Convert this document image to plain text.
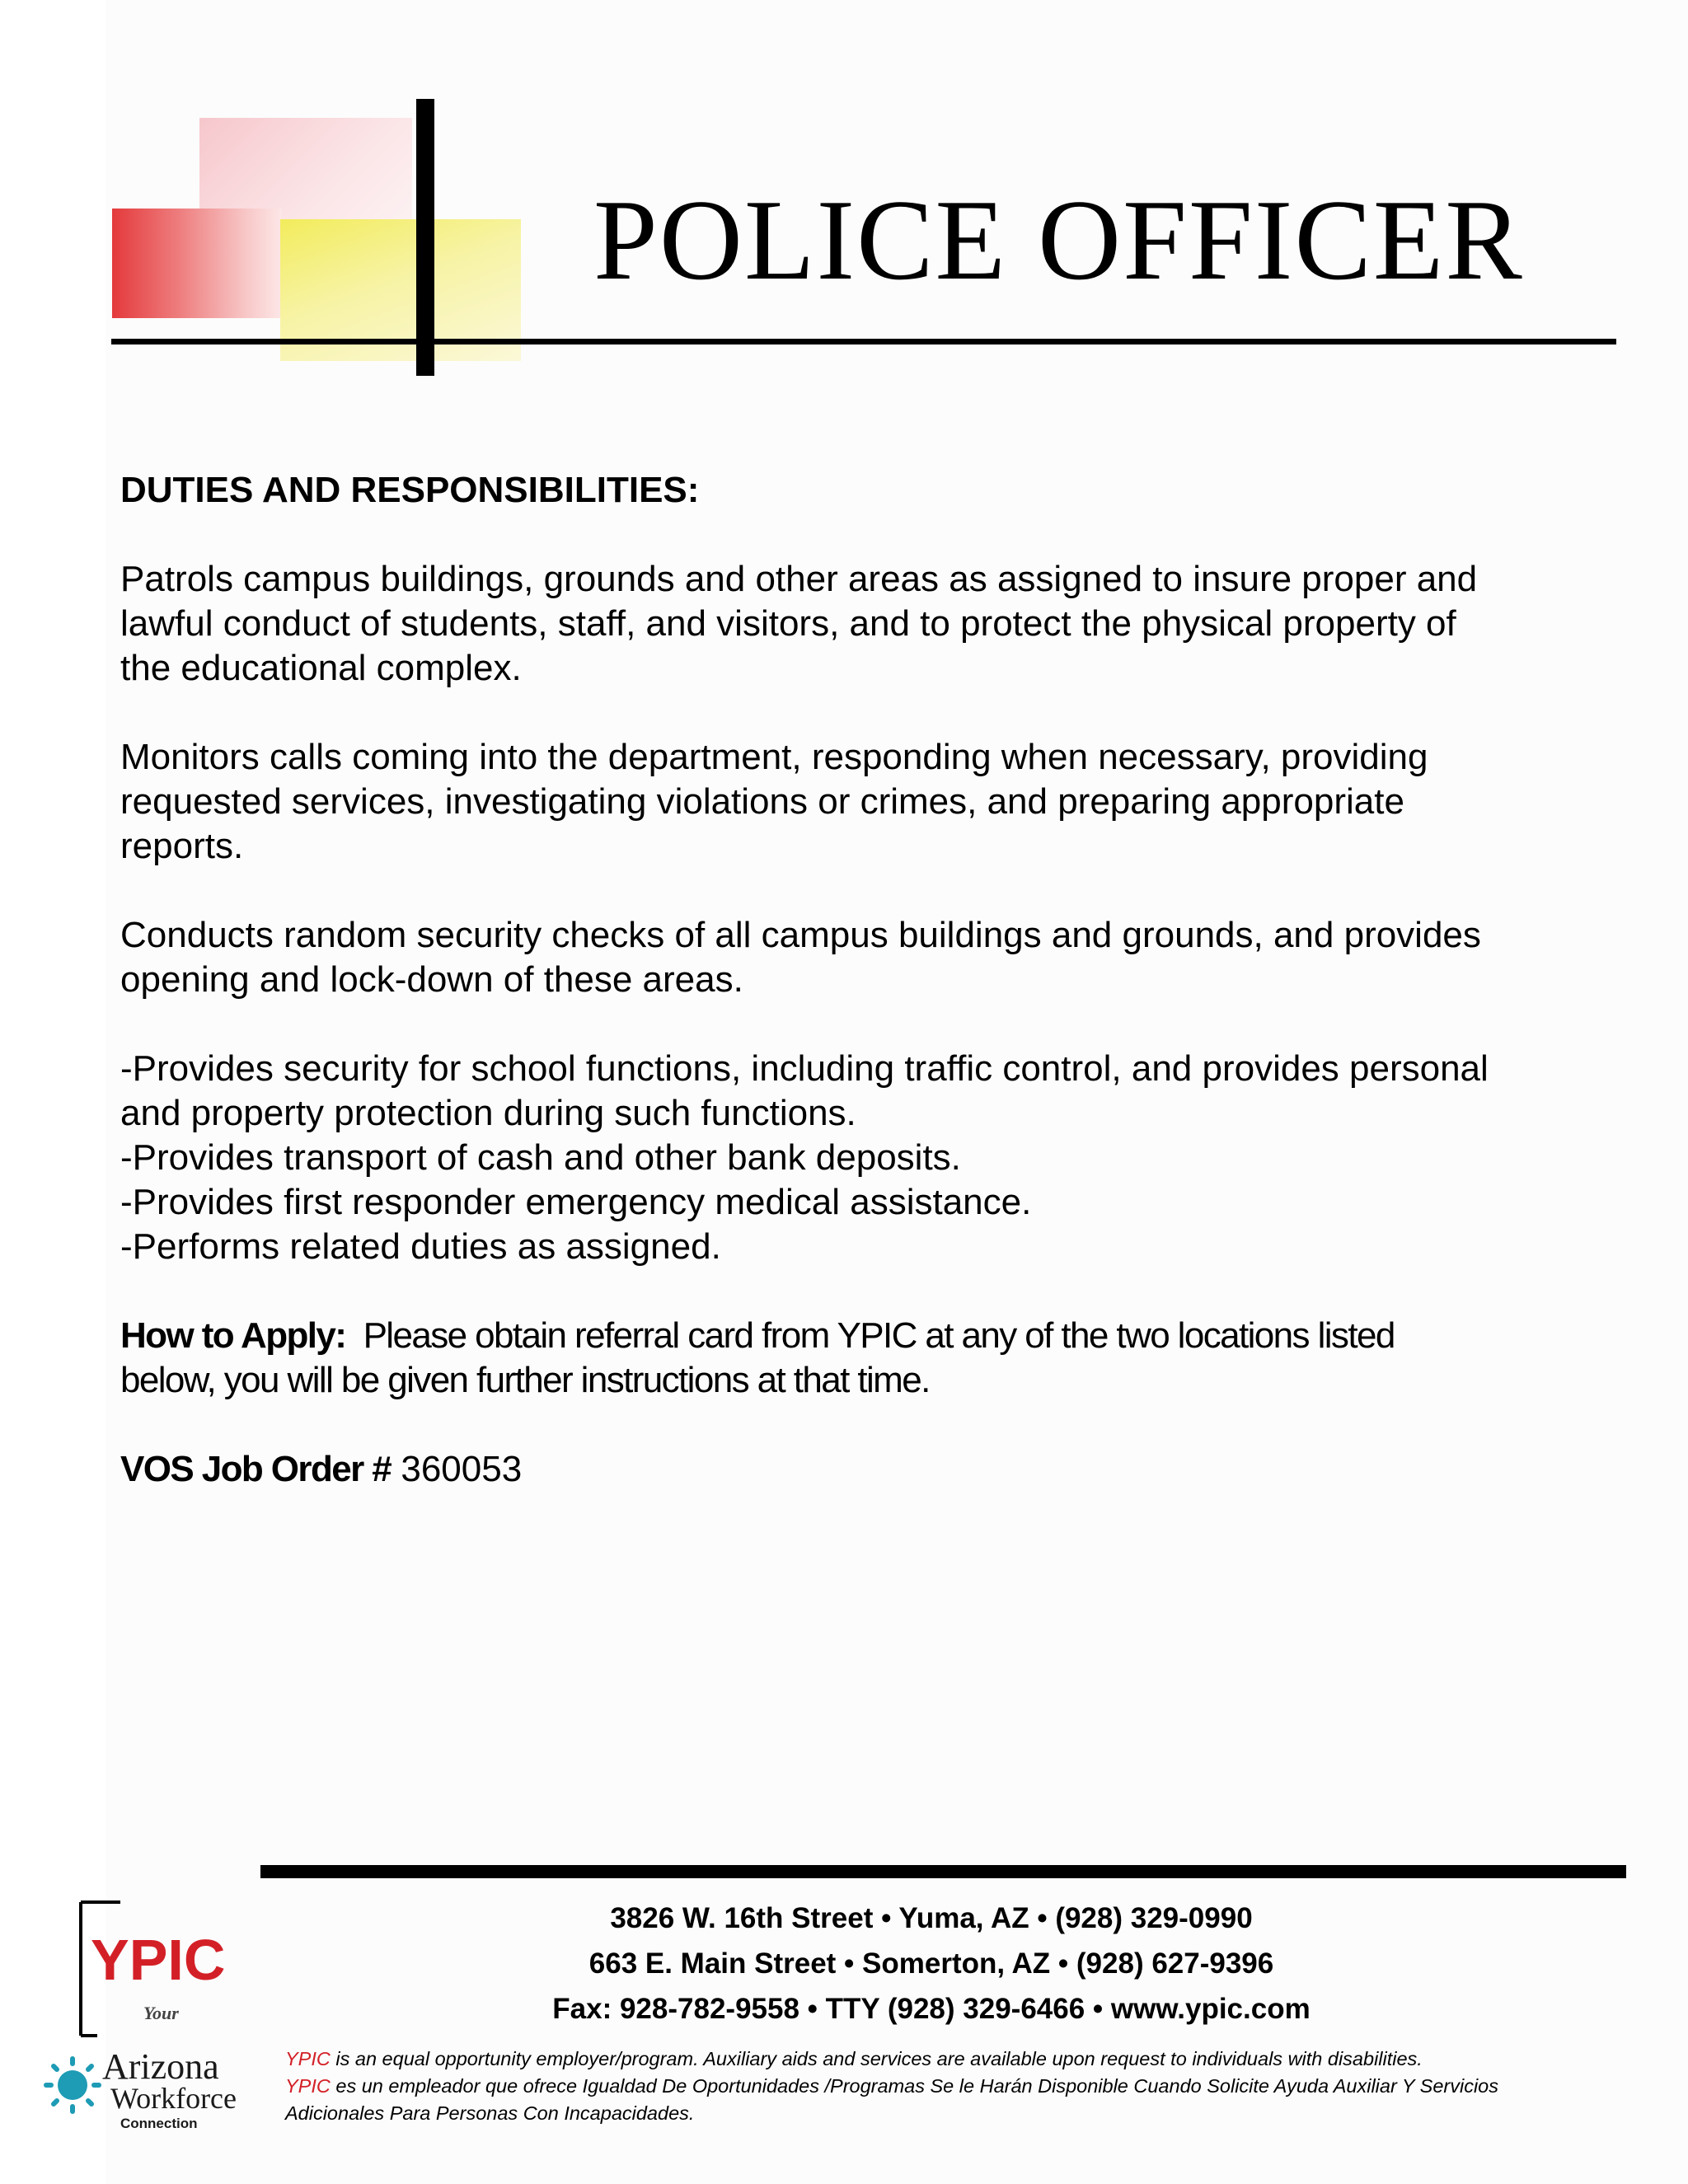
POLICE OFFICER

DUTIES AND RESPONSIBILITIES:

Patrols campus buildings, grounds and other areas as assigned to insure proper and

lawful conduct of students, staff, and visitors, and to protect the physical property of

the educational complex.

Monitors calls coming into the department, responding when necessary, providing

requested services, investigating violations or crimes, and preparing appropriate

reports.

Conducts random security checks of all campus buildings and grounds, and provides

opening and lock-down of these areas.

-Provides security for school functions, including traffic control, and provides personal

and property protection during such functions.

-Provides transport of cash and other bank deposits.

-Provides first responder emergency medical assistance.

-Performs related duties as assigned.

How to Apply: Please obtain referral card from YPIC at any of the two locations listed

below, you will be given further instructions at that time.

VOS Job Order # 360053

YPIC
Your
Arizona
Workforce
Connection
3826 W. 16th Street • Yuma, AZ • (928) 329-0990
663 E. Main Street • Somerton, AZ • (928) 627-9396
Fax: 928-782-9558 • TTY (928) 329-6466 • www.ypic.com
YPIC is an equal opportunity employer/program. Auxiliary aids and services are available upon request to individuals with disabilities.
YPIC es un empleador que ofrece Igualdad De Oportunidades /Programas Se le Harán Disponible Cuando Solicite Ayuda Auxiliar Y Servicios
Adicionales Para Personas Con Incapacidades.
